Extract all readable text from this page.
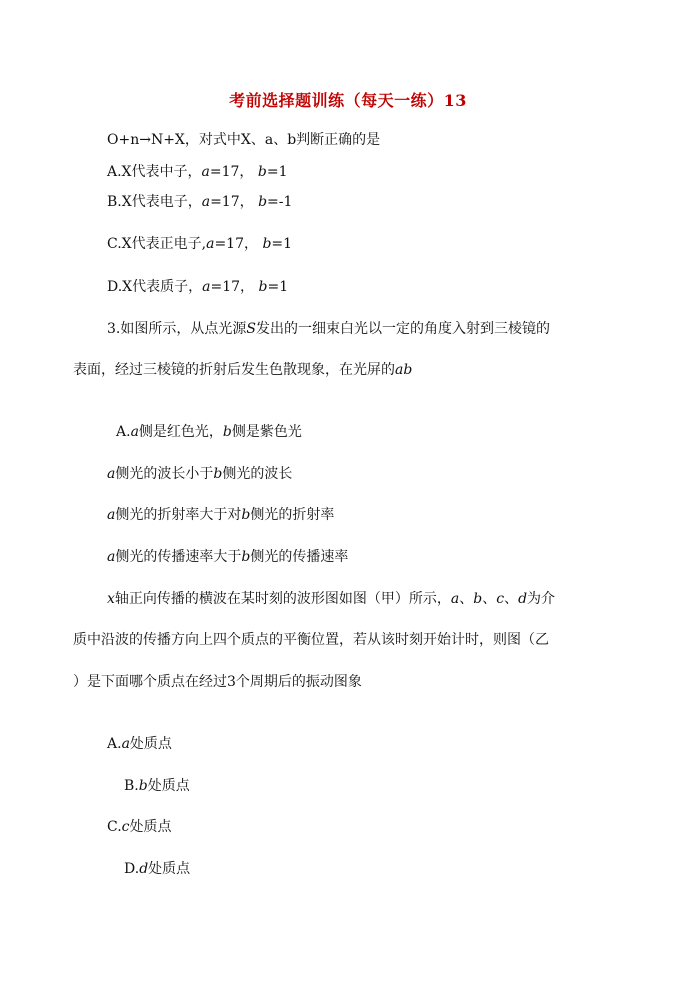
考前选择题训练（每天一练）13
O+n→N+X，对式中X、a、b判断正确的是
A.X代表中子，a=17， b=1
B.X代表电子，a=17， b=-1
C.X代表正电子,a=17， b=1
D.X代表质子，a=17， b=1
3.如图所示，从点光源S发出的一细束白光以一定的角度入射到三棱镜的
表面，经过三棱镜的折射后发生色散现象，在光屏的ab
A.a侧是红色光，b侧是紫色光
a侧光的波长小于b侧光的波长
a侧光的折射率大于对b侧光的折射率
a侧光的传播速率大于b侧光的传播速率
x轴正向传播的横波在某时刻的波形图如图（甲）所示，a、b、c、d为介
质中沿波的传播方向上四个质点的平衡位置，若从该时刻开始计时，则图（乙
）是下面哪个质点在经过3个周期后的振动图象
A.a处质点
B.b处质点
C.c处质点
D.d处质点
